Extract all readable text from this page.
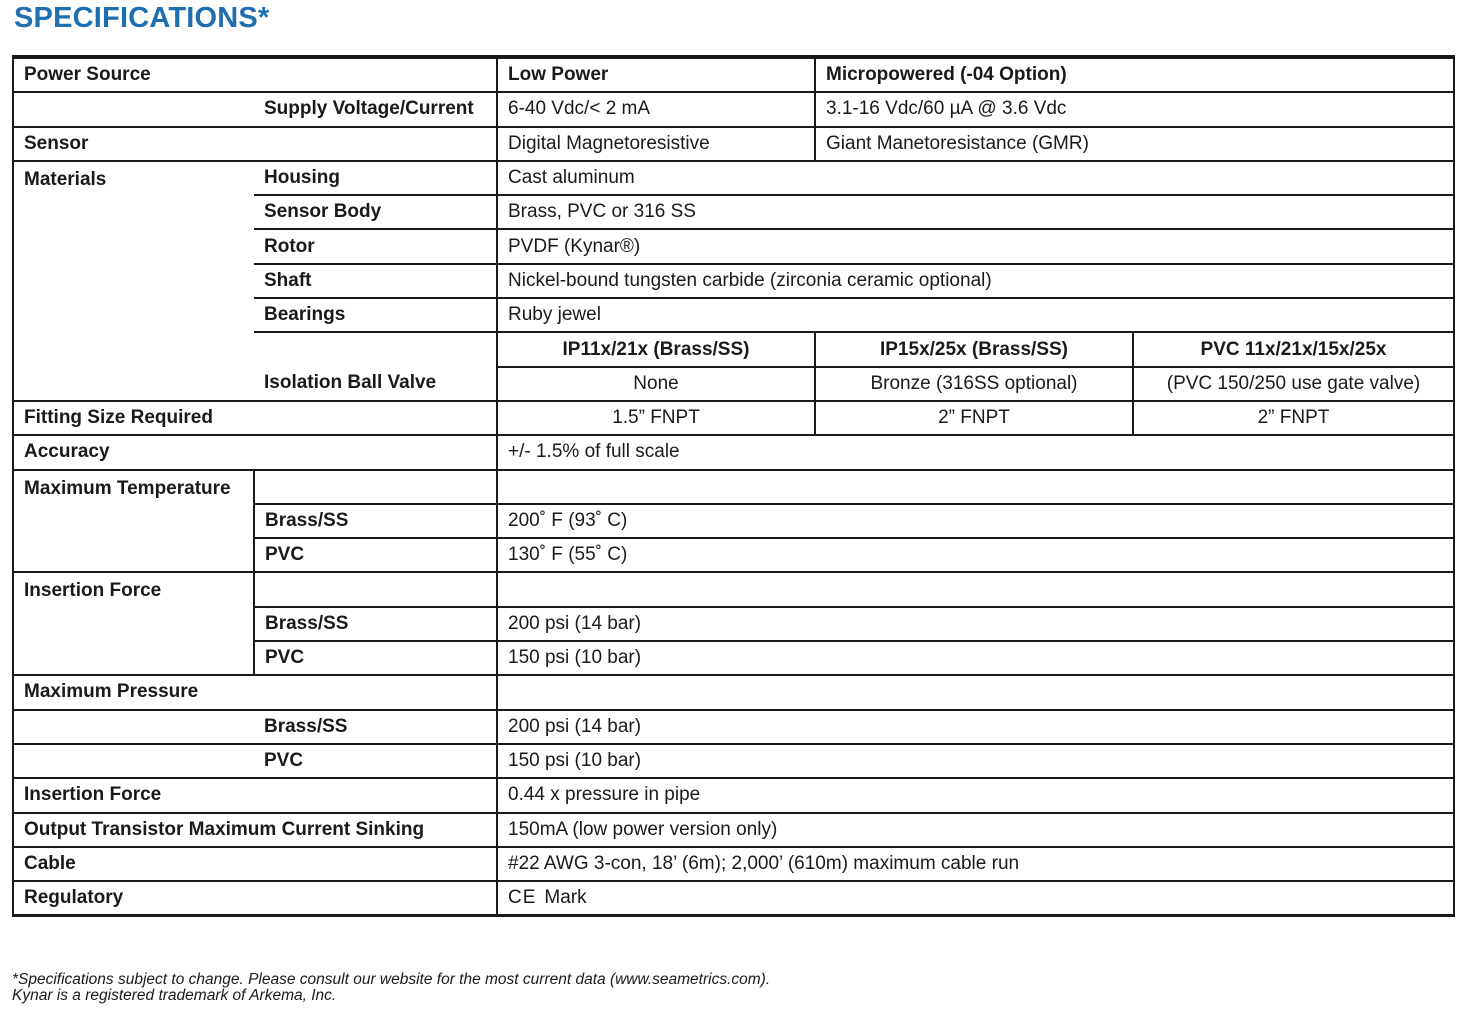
SPECIFICATIONS*
Power Source		Low Power	Micropowered (-04 Option)	
	Supply Voltage/Current	6-40 Vdc/< 2 mA	3.1-16 Vdc/60 µA @ 3.6 Vdc	
Sensor		Digital Magnetoresistive	Giant Manetoresistance (GMR)	
Materials	Housing	Cast aluminum		
	Sensor Body	Brass, PVC or 316 SS		
	Rotor	PVDF (Kynar®)		
	Shaft	Nickel-bound tungsten carbide (zirconia ceramic optional)		
	Bearings	Ruby jewel		
		IP11x/21x (Brass/SS)	IP15x/25x (Brass/SS)	PVC 11x/21x/15x/25x
	Isolation Ball Valve	None	Bronze (316SS optional)	(PVC 150/250 use gate valve)
Fitting Size Required		1.5” FNPT	2” FNPT	2” FNPT
Accuracy		+/- 1.5% of full scale		
Maximum Temperature				
	Brass/SS	200˚ F (93˚ C)		
	PVC	130˚ F (55˚ C)		
Insertion Force				
	Brass/SS	200 psi (14 bar)		
	PVC	150 psi (10 bar)		
Maximum Pressure				
	Brass/SS	200 psi (14 bar)		
	PVC	150 psi (10 bar)		
Insertion Force		0.44 x pressure in pipe		
Output Transistor Maximum Current Sinking		150mA (low power version only)		
Cable		#22 AWG 3-con, 18’ (6m); 2,000’ (610m) maximum cable run		
Regulatory		CE Mark		

*Specifications subject to change. Please consult our website for the most current data (www.seametrics.com).

Kynar is a registered trademark of Arkema, Inc.
